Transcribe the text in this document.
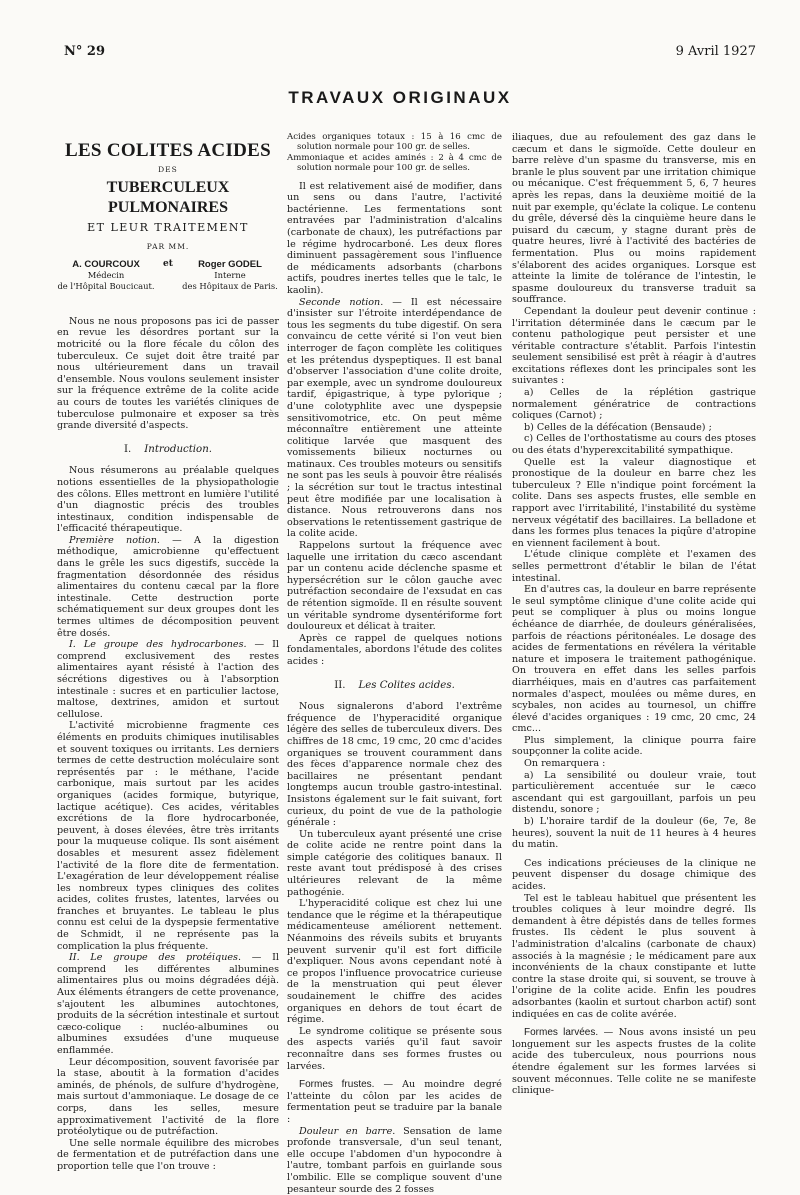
N° 29	9 Avril 1927
TRAVAUX ORIGINAUX
LES COLITES ACIDES
DES
TUBERCULEUX PULMONAIRES
ET LEUR TRAITEMENT
PAR MM.
A. COURCOUX
Médecin
de l'Hôpital Boucicaut.
et	Roger GODEL
Interne
des Hôpitaux de Paris.

Nous ne nous proposons pas ici de passer en revue les désordres portant sur la motricité ou la flore fécale du côlon des tuberculeux. Ce sujet doit être traité par nous ultérieurement dans un travail d'ensemble. Nous voulons seulement insister sur la fréquence extrême de la colite acide au cours de toutes les variétés cliniques de tuberculose pulmonaire et exposer sa très grande diversité d'aspects.

I. Introduction.

Nous résumerons au préalable quelques notions essentielles de la physiopathologie des côlons. Elles mettront en lumière l'utilité d'un diagnostic précis des troubles intestinaux, condition indispensable de l'efficacité thérapeutique.

Première notion. — A la digestion méthodique, amicrobienne qu'effectuent dans le grêle les sucs digestifs, succède la fragmentation désordonnée des résidus alimentaires du contenu cæcal par la flore intestinale. Cette destruction porte schématiquement sur deux groupes dont les termes ultimes de décomposition peuvent être dosés.

I. Le groupe des hydrocarbones. — Il comprend exclusivement des restes alimentaires ayant résisté à l'action des sécrétions digestives ou à l'absorption intestinale : sucres et en particulier lactose, maltose, dextrines, amidon et surtout cellulose.

L'activité microbienne fragmente ces éléments en produits chimiques inutilisables et souvent toxiques ou irritants. Les derniers termes de cette destruction moléculaire sont représentés par : le méthane, l'acide carbonique, mais surtout par les acides organiques (acides formique, butyrique, lactique acétique). Ces acides, véritables excrétions de la flore hydrocarbonée, peuvent, à doses élevées, être très irritants pour la muqueuse colique. Ils sont aisément dosables et mesurent assez fidèlement l'activité de la flore dite de fermentation. L'exagération de leur développement réalise les nombreux types cliniques des colites acides, colites frustes, latentes, larvées ou franches et bruyantes. Le tableau le plus connu est celui de la dyspepsie fermentative de Schmidt, il ne représente pas la complication la plus fréquente.

II. Le groupe des protéiques. — Il comprend les différentes albumines alimentaires plus ou moins dégradées déjà. Aux éléments étrangers de cette provenance, s'ajoutent les albumines autochtones, produits de la sécrétion intestinale et surtout cæco-colique : nucléo-albumines ou albumines exsudées d'une muqueuse enflammée.

Leur décomposition, souvent favorisée par la stase, aboutit à la formation d'acides aminés, de phénols, de sulfure d'hydrogène, mais surtout d'ammoniaque. Le dosage de ce corps, dans les selles, mesure approximativement l'activité de la flore protéolytique ou de putréfaction.

Une selle normale équilibre des microbes de fermentation et de putréfaction dans une proportion telle que l'on trouve :

Acides organiques totaux : 15 à 16 cmc de solution normale pour 100 gr. de selles.

Ammoniaque et acides aminés : 2 à 4 cmc de solution normale pour 100 gr. de selles.

Il est relativement aisé de modifier, dans un sens ou dans l'autre, l'activité bactérienne. Les fermentations sont entravées par l'administration d'alcalins (carbonate de chaux), les putréfactions par le régime hydrocarboné. Les deux flores diminuent passagèrement sous l'influence de médicaments adsorbants (charbons actifs, poudres inertes telles que le talc, le kaolin).

Seconde notion. — Il est nécessaire d'insister sur l'étroite interdépendance de tous les segments du tube digestif. On sera convaincu de cette vérité si l'on veut bien interroger de façon complète les colitiques et les prétendus dyspeptiques. Il est banal d'observer l'association d'une colite droite, par exemple, avec un syndrome douloureux tardif, épigastrique, à type pylorique ; d'une colotyphlite avec une dyspepsie sensitivomotrice, etc. On peut même méconnaître entièrement une atteinte colitique larvée que masquent des vomissements bilieux nocturnes ou matinaux. Ces troubles moteurs ou sensitifs ne sont pas les seuls à pouvoir être réalisés ; la sécrétion sur tout le tractus intestinal peut être modifiée par une localisation à distance. Nous retrouverons dans nos observations le retentissement gastrique de la colite acide.

Rappelons surtout la fréquence avec laquelle une irritation du cæco ascendant par un contenu acide déclenche spasme et hypersécrétion sur le côlon gauche avec putréfaction secondaire de l'exsudat en cas de rétention sigmoïde. Il en résulte souvent un véritable syndrome dysentériforme fort douloureux et délicat à traiter.

Après ce rappel de quelques notions fondamentales, abordons l'étude des colites acides :

II. Les Colites acides.

Nous signalerons d'abord l'extrême fréquence de l'hyperacidité organique légère des selles de tuberculeux divers. Des chiffres de 18 cmc, 19 cmc, 20 cmc d'acides organiques se trouvent couramment dans des fèces d'apparence normale chez des bacillaires ne présentant pendant longtemps aucun trouble gastro-intestinal. Insistons également sur le fait suivant, fort curieux, du point de vue de la pathologie générale :

Un tuberculeux ayant présenté une crise de colite acide ne rentre point dans la simple catégorie des colitiques banaux. Il reste avant tout prédisposé à des crises ultérieures relevant de la même pathogénie.

L'hyperacidité colique est chez lui une tendance que le régime et la thérapeutique médicamenteuse améliorent nettement. Néanmoins des réveils subits et bruyants peuvent survenir qu'il est fort difficile d'expliquer. Nous avons cependant noté à ce propos l'influence provocatrice curieuse de la menstruation qui peut élever soudainement le chiffre des acides organiques en dehors de tout écart de régime.

Le syndrome colitique se présente sous des aspects variés qu'il faut savoir reconnaître dans ses formes frustes ou larvées.

Formes frustes. — Au moindre degré l'atteinte du côlon par les acides de fermentation peut se traduire par la banale :

Douleur en barre. Sensation de lame profonde transversale, d'un seul tenant, elle occupe l'abdomen d'un hypocondre à l'autre, tombant parfois en guirlande sous l'ombilic. Elle se complique souvent d'une pesanteur sourde des 2 fosses

iliaques, due au refoulement des gaz dans le cæcum et dans le sigmoïde. Cette douleur en barre relève d'un spasme du transverse, mis en branle le plus souvent par une irritation chimique ou mécanique. C'est fréquemment 5, 6, 7 heures après les repas, dans la deuxième moitié de la nuit par exemple, qu'éclate la colique. Le contenu du grêle, déversé dès la cinquième heure dans le puisard du cæcum, y stagne durant près de quatre heures, livré à l'activité des bactéries de fermentation. Plus ou moins rapidement s'élaborent des acides organiques. Lorsque est atteinte la limite de tolérance de l'intestin, le spasme douloureux du transverse traduit sa souffrance.

Cependant la douleur peut devenir continue : l'irritation déterminée dans le cæcum par le contenu pathologique peut persister et une véritable contracture s'établit. Parfois l'intestin seulement sensibilisé est prêt à réagir à d'autres excitations réflexes dont les principales sont les suivantes :

a) Celles de la réplétion gastrique normalement génératrice de contractions coliques (Carnot) ;

b) Celles de la défécation (Bensaude) ;

c) Celles de l'orthostatisme au cours des ptoses ou des états d'hyperexcitabilité sympathique.

Quelle est la valeur diagnostique et pronostique de la douleur en barre chez les tuberculeux ? Elle n'indique point forcément la colite. Dans ses aspects frustes, elle semble en rapport avec l'irritabilité, l'instabilité du système nerveux végétatif des bacillaires. La belladone et dans les formes plus tenaces la piqûre d'atropine en viennent facilement à bout.

L'étude clinique complète et l'examen des selles permettront d'établir le bilan de l'état intestinal.

En d'autres cas, la douleur en barre représente le seul symptôme clinique d'une colite acide qui peut se compliquer à plus ou moins longue échéance de diarrhée, de douleurs généralisées, parfois de réactions péritonéales. Le dosage des acides de fermentations en révélera la véritable nature et imposera le traitement pathogénique. On trouvera en effet dans les selles parfois diarrhéiques, mais en d'autres cas parfaitement normales d'aspect, moulées ou même dures, en scybales, non acides au tournesol, un chiffre élevé d'acides organiques : 19 cmc, 20 cmc, 24 cmc...

Plus simplement, la clinique pourra faire soupçonner la colite acide.

On remarquera :

a) La sensibilité ou douleur vraie, tout particulièrement accentuée sur le cæco ascendant qui est gargouillant, parfois un peu distendu, sonore ;

b) L'horaire tardif de la douleur (6e, 7e, 8e heures), souvent la nuit de 11 heures à 4 heures du matin.

Ces indications précieuses de la clinique ne peuvent dispenser du dosage chimique des acides.

Tel est le tableau habituel que présentent les troubles coliques à leur moindre degré. Ils demandent à être dépistés dans de telles formes frustes. Ils cèdent le plus souvent à l'administration d'alcalins (carbonate de chaux) associés à la magnésie ; le médicament pare aux inconvénients de la chaux constipante et lutte contre la stase droite qui, si souvent, se trouve à l'origine de la colite acide. Enfin les poudres adsorbantes (kaolin et surtout charbon actif) sont indiquées en cas de colite avérée.

Formes larvées. — Nous avons insisté un peu longuement sur les aspects frustes de la colite acide des tuberculeux, nous pourrions nous étendre également sur les formes larvées si souvent méconnues. Telle colite ne se manifeste clinique-
